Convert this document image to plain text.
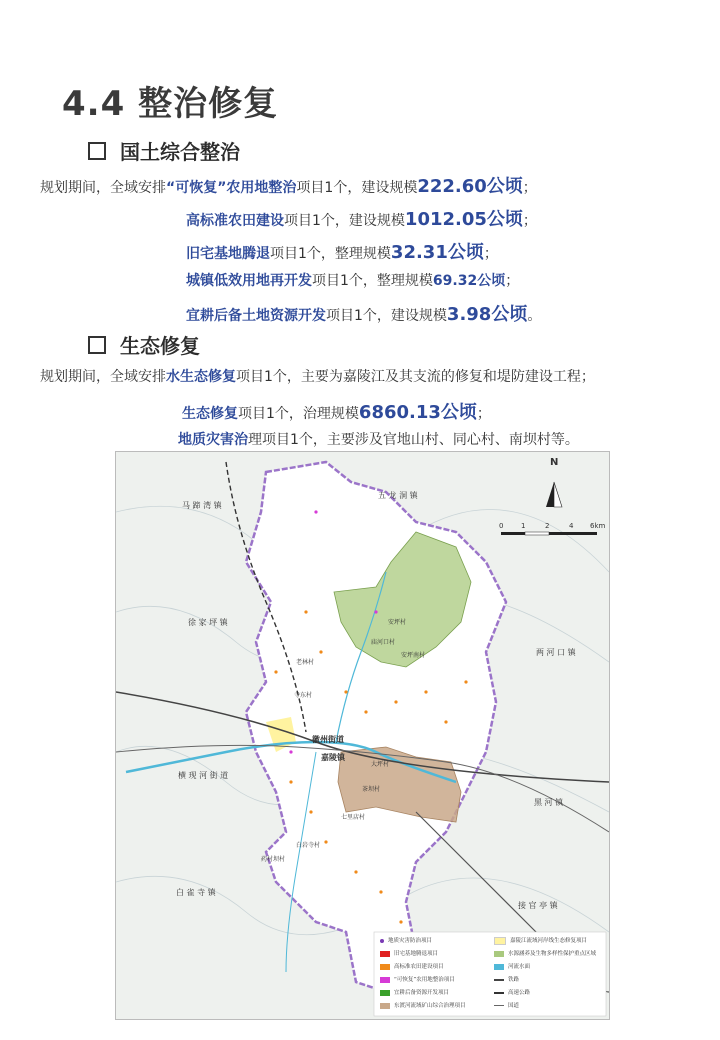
4.4 整治修复
国土综合整治
规划期间，全域安排“可恢复”农用地整治项目1个，建设规模222.60公顷；
高标准农田建设项目1个，建设规模1012.05公顷；
旧宅基地腾退项目1个，整理规模32.31公顷；
城镇低效用地再开发项目1个，整理规模69.32公顷；
宜耕后备土地资源开发项目1个，建设规模3.98公顷。
生态修复
规划期间，全域安排水生态修复项目1个，主要为嘉陵江及其支流的修复和堤防建设工程；
生态修复项目1个，治理规模6860.13公顷；
地质灾害治理项目1个，主要涉及官地山村、同心村、南坝村等。
N
0	1	2	4 6km
五 龙 洞 镇
马 蹄 湾 镇
徐 家 坪 镇
两 河 口 镇
横 现 河 街 道
黑 河 镇
白 雀 寺 镇
接 官 亭 镇
徽州街道
嘉陵镇
安坪村
安坪南村
庙河口村
老林村
七里店村
大坪村
茶坝村
寺东村
白岩寺村
药村坝村
地质灾害防治项目
旧宅基地腾退项目
高标准农田建设项目
“可恢复”农用地整治项目
宜耕后备资源开发项目
东渡河流域矿山综合治理项目
嘉陵江流域河岸线生态修复项目
水源涵养及生物多样性保护重点区域
河流水面
铁路
高速公路
国道
